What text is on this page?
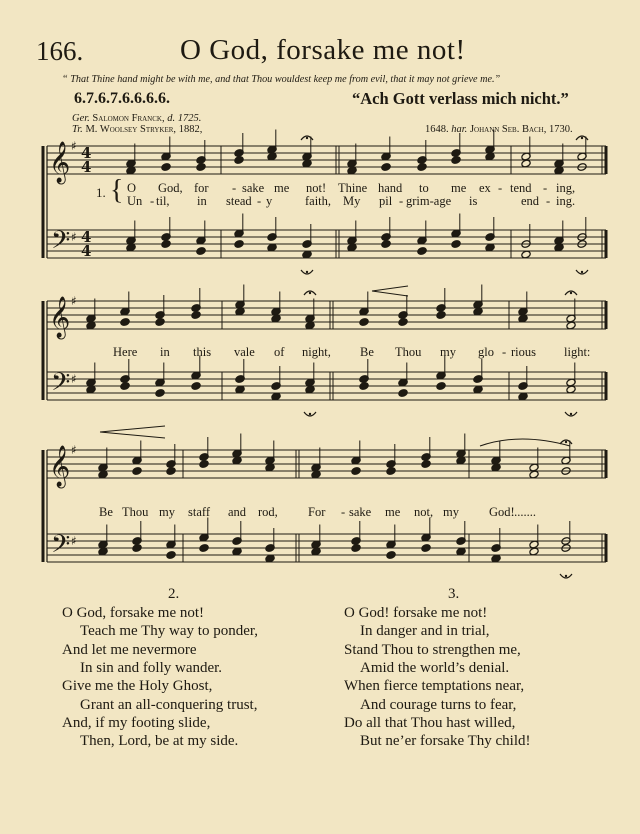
166.	O God, forsake me not!
“ That Thine hand might be with me, and that Thou wouldest keep me from evil, that it may not grieve me.”
6.7.6.7.6.6.6.6.	“Ach Gott verlass mich nicht.”
Ger. Salomon Franck, d. 1725.
Tr. M. Woolsey Stryker, 1882,	1648. har. Johann Seb. Bach, 1730.
𝄞
𝄢
♯
♯
4
4
4
4
𝄞
𝄢
♯
♯
𝄞
𝄢
♯
♯
1. { O God, for - sake me not! Thine hand to me ex - tend - ing,
Un - til, in stead - y	faith, My pil - grim-age is	end - ing.
Here in this vale of night, Be Thou my glo - rious light:
Be Thou my staff and rod, For - sake me not, my God!
........
2.	3.
O God, forsake me not!
Teach me Thy way to ponder,
And let me nevermore
In sin and folly wander.
Give me the Holy Ghost,
Grant an all-conquering trust,
And, if my footing slide,
Then, Lord, be at my side.
O God! forsake me not!
In danger and in trial,
Stand Thou to strengthen me,
Amid the world’s denial.
When fierce temptations near,
And courage turns to fear,
Do all that Thou hast willed,
But ne’er forsake Thy child!
